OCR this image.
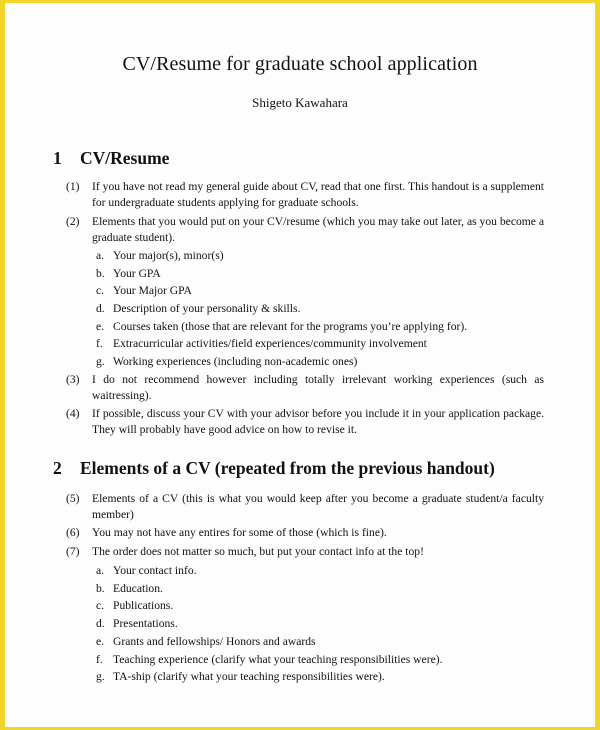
CV/Resume for graduate school application
Shigeto Kawahara
1 CV/Resume
(1) If you have not read my general guide about CV, read that one first. This handout is a supplement for undergraduate students applying for graduate schools.
(2) Elements that you would put on your CV/resume (which you may take out later, as you become a graduate student).
a. Your major(s), minor(s)
b. Your GPA
c. Your Major GPA
d. Description of your personality & skills.
e. Courses taken (those that are relevant for the programs you’re applying for).
f. Extracurricular activities/field experiences/community involvement
g. Working experiences (including non-academic ones)
(3) I do not recommend however including totally irrelevant working experiences (such as waitressing).
(4) If possible, discuss your CV with your advisor before you include it in your application package. They will probably have good advice on how to revise it.
2 Elements of a CV (repeated from the previous handout)
(5) Elements of a CV (this is what you would keep after you become a graduate student/a faculty member)
(6) You may not have any entires for some of those (which is fine).
(7) The order does not matter so much, but put your contact info at the top!
a. Your contact info.
b. Education.
c. Publications.
d. Presentations.
e. Grants and fellowships/ Honors and awards
f. Teaching experience (clarify what your teaching responsibilities were).
g. TA-ship (clarify what your teaching responsibilities were).
